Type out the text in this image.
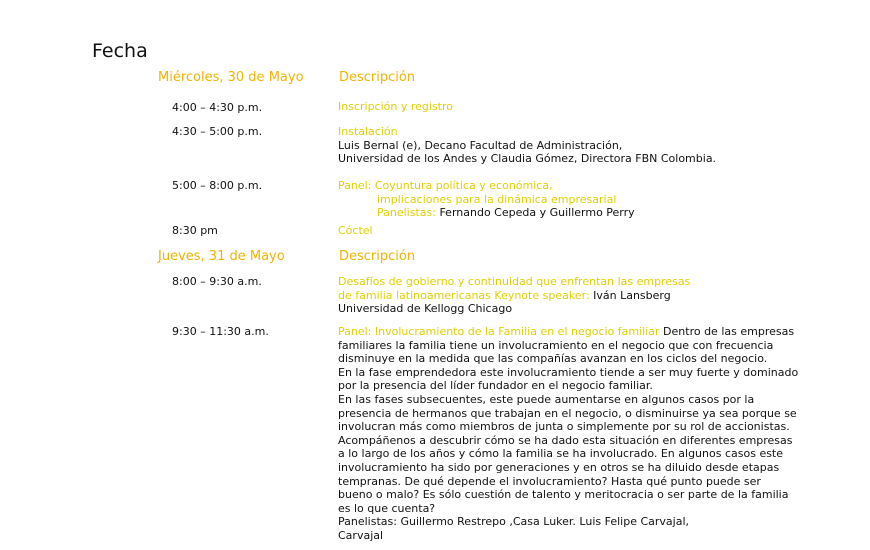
Fecha
Miércoles, 30 de Mayo	Descripción
4:00 – 4:30 p.m.	Inscripción y registro
4:30 – 5:00 p.m.	Instalación
Luis Bernal (e), Decano Facultad de Administración,
Universidad de los Andes y Claudia Gómez, Directora FBN Colombia.
5:00 – 8:00 p.m.	Panel: Coyuntura política y económica,
implicaciones para la dinámica empresarial
Panelistas: Fernando Cepeda y Guillermo Perry
8:30 pm	Cóctel
Jueves, 31 de Mayo	Descripción
8:00 – 9:30 a.m.	Desafíos de gobierno y continuidad que enfrentan las empresas
de familia latinoamericanas Keynote speaker: Iván Lansberg
Universidad de Kellogg Chicago
9:30 – 11:30 a.m.	Panel: Involucramiento de la Familia en el negocio familiar Dentro de las empresas
familiares la familia tiene un involucramiento en el negocio que con frecuencia
disminuye en la medida que las compañías avanzan en los ciclos del negocio.
En la fase emprendedora este involucramiento tiende a ser muy fuerte y dominado
por la presencia del líder fundador en el negocio familiar.
En las fases subsecuentes, este puede aumentarse en algunos casos por la
presencia de hermanos que trabajan en el negocio, o disminuirse ya sea porque se
involucran más como miembros de junta o simplemente por su rol de accionistas.
Acompáñenos a descubrir cómo se ha dado esta situación en diferentes empresas
a lo largo de los años y cómo la familia se ha involucrado. En algunos casos este
involucramiento ha sido por generaciones y en otros se ha diluido desde etapas
tempranas. De qué depende el involucramiento? Hasta qué punto puede ser
bueno o malo? Es sólo cuestión de talento y meritocracia o ser parte de la familia
es lo que cuenta?
Panelistas: Guillermo Restrepo ,Casa Luker. Luis Felipe Carvajal,
Carvajal
